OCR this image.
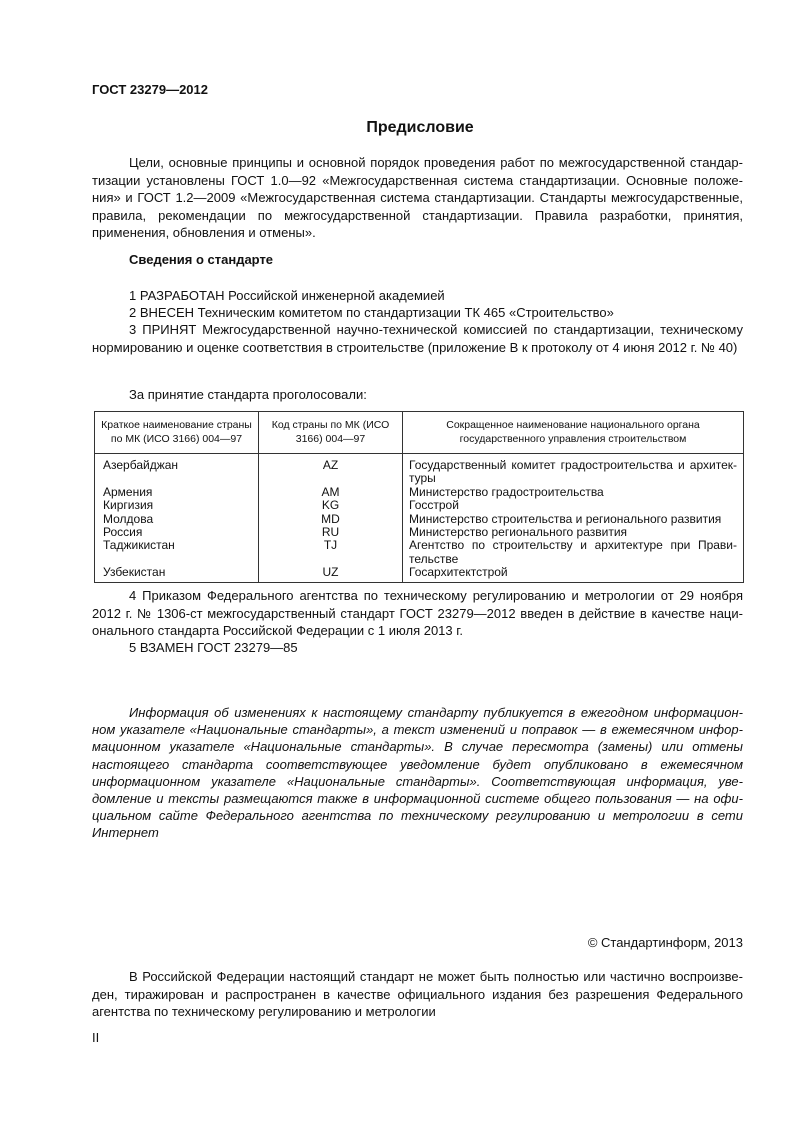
ГОСТ 23279—2012
Предисловие

Цели, основные принципы и основной порядок проведения работ по межгосударственной стандартизации установлены ГОСТ 1.0—92 «Межгосударственная система стандартизации. Основные положения» и ГОСТ 1.2—2009 «Межгосударственная система стандартизации. Стандарты межгосударственные, правила, рекомендации по межгосударственной стандартизации. Правила разработки, принятия, применения, обновления и отмены».

Сведения о стандарте
1 РАЗРАБОТАН Российской инженерной академией
2 ВНЕСЕН Техническим комитетом по стандартизации ТК 465 «Строительство»

3 ПРИНЯТ Межгосударственной научно-технической комиссией по стандартизации, техническому нормированию и оценке соответствия в строительстве (приложение В к протоколу от 4 июня 2012 г. № 40)

За принятие стандарта проголосовали:
Краткое наименование страны по МК (ИСО 3166) 004—97	Код страны по МК (ИСО 3166) 004—97	Сокращенное наименование национального органа государственного управления строительством
Азербайджан	AZ	Государственный комитет градостроительства и архитектуры
Армения	AM	Министерство градостроительства
Киргизия	KG	Госстрой
Молдова	MD	Министерство строительства и регионального развития
Россия	RU	Министерство регионального развития
Таджикистан	TJ	Агентство по строительству и архитектуре при Правительстве
Узбекистан	UZ	Госархитектстрой

4 Приказом Федерального агентства по техническому регулированию и метрологии от 29 ноября 2012 г. № 1306-ст межгосударственный стандарт ГОСТ 23279—2012 введен в действие в качестве национального стандарта Российской Федерации с 1 июля 2013 г.

5 ВЗАМЕН ГОСТ 23279—85

Информация об изменениях к настоящему стандарту публикуется в ежегодном информационном указателе «Национальные стандарты», а текст изменений и поправок — в ежемесячном информационном указателе «Национальные стандарты». В случае пересмотра (замены) или отмены настоящего стандарта соответствующее уведомление будет опубликовано в ежемесячном информационном указателе «Национальные стандарты». Соответствующая информация, уведомление и тексты размещаются также в информационной системе общего пользования — на официальном сайте Федерального агентства по техническому регулированию и метрологии в сети Интернет

© Стандартинформ, 2013

В Российской Федерации настоящий стандарт не может быть полностью или частично воспроизведен, тиражирован и распространен в качестве официального издания без разрешения Федерального агентства по техническому регулированию и метрологии

II
